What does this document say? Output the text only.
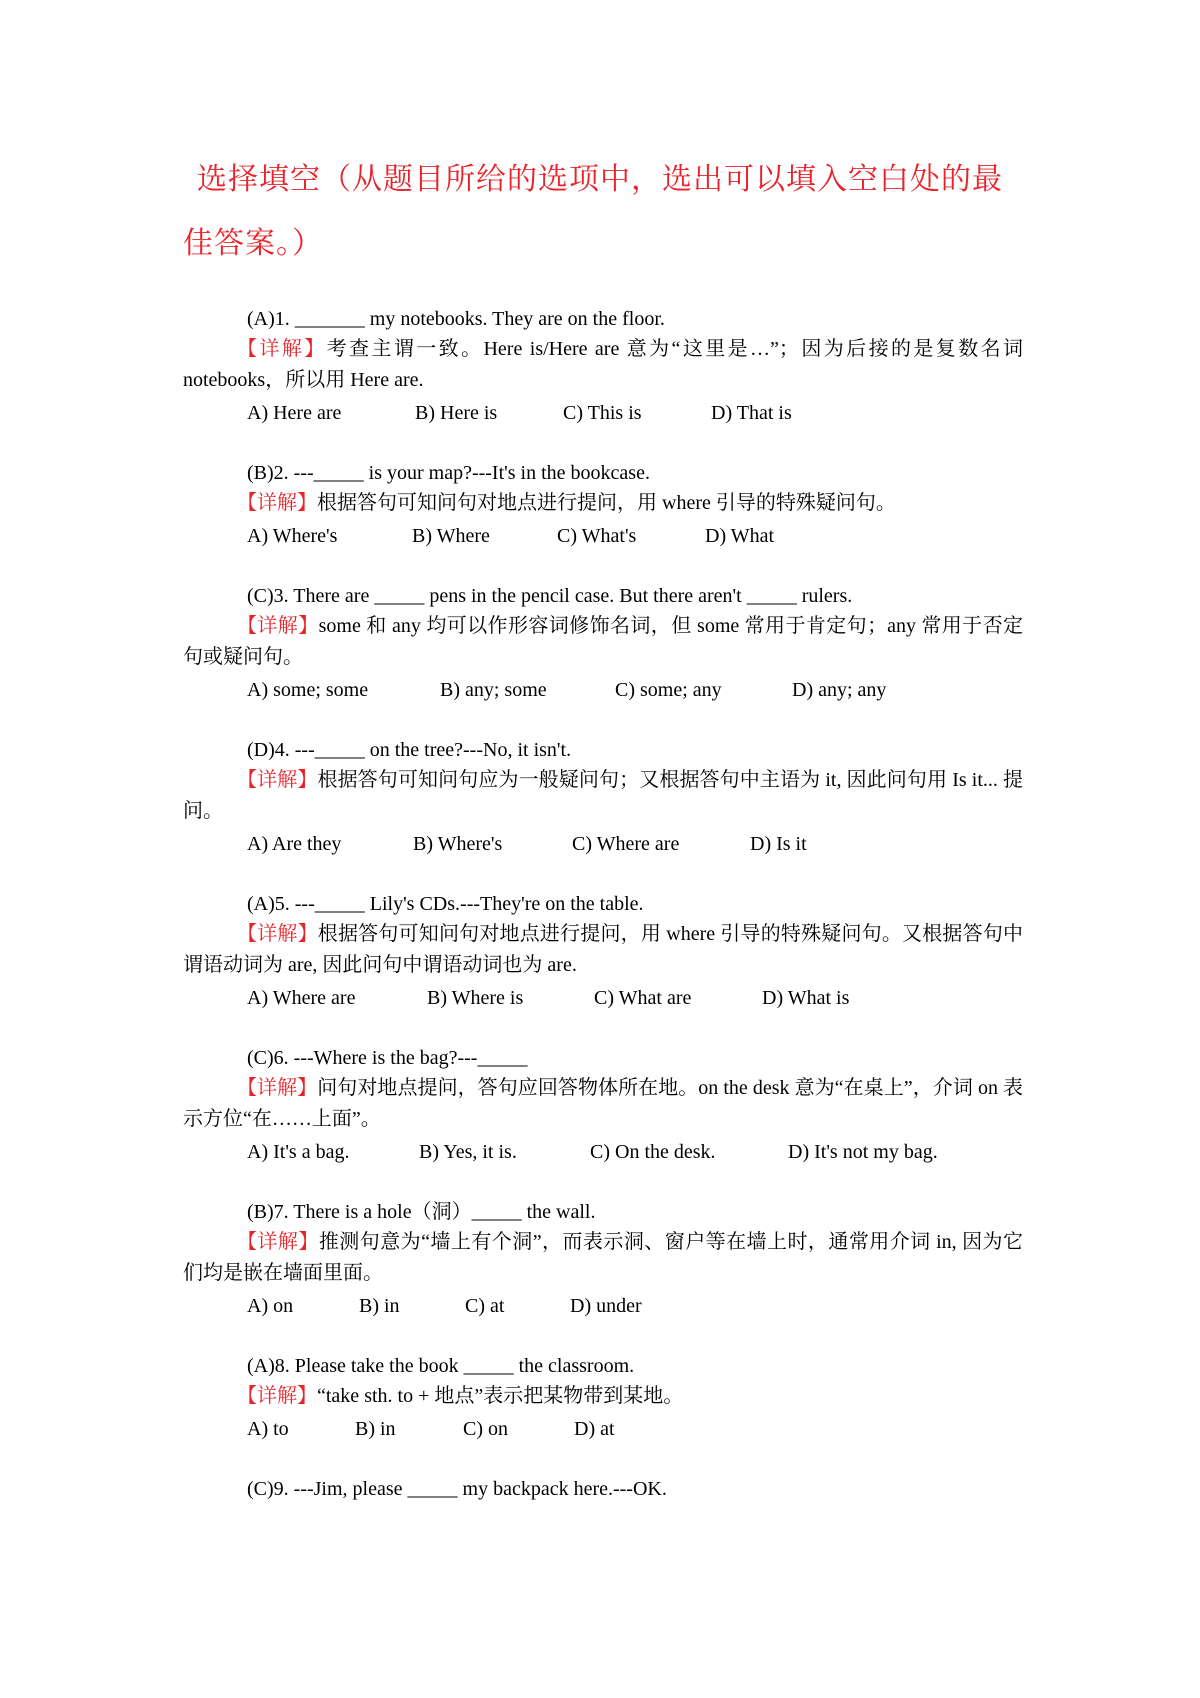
选择填空（从题目所给的选项中，选出可以填入空白处的最佳答案。）
(A)1. _______ my notebooks. They are on the floor.
【详解】考查主谓一致。Here is/Here are 意为“这里是…”；因为后接的是复数名词notebooks，所以用 Here are.
A) Here are	B) Here is	C) This is	D) That is
(B)2. ---_____ is your map?---It's in the bookcase.
【详解】根据答句可知问句对地点进行提问，用 where 引导的特殊疑问句。
A) Where's	B) Where	C) What's	D) What
(C)3. There are _____ pens in the pencil case. But there aren't _____ rulers.
【详解】some 和 any 均可以作形容词修饰名词，但 some 常用于肯定句；any 常用于否定句或疑问句。
A) some; some	B) any; some	C) some; any	D) any; any
(D)4. ---_____ on the tree?---No, it isn't.
【详解】根据答句可知问句应为一般疑问句；又根据答句中主语为 it, 因此问句用 Is it... 提问。
A) Are they	B) Where's	C) Where are	D) Is it
(A)5. ---_____ Lily's CDs.---They're on the table.
【详解】根据答句可知问句对地点进行提问，用 where 引导的特殊疑问句。又根据答句中谓语动词为 are, 因此问句中谓语动词也为 are.
A) Where are	B) Where is	C) What are	D) What is
(C)6. ---Where is the bag?---_____
【详解】问句对地点提问，答句应回答物体所在地。on the desk 意为“在桌上”，介词 on 表示方位“在……上面”。
A) It's a bag.	B) Yes, it is.	C) On the desk.	D) It's not my bag.
(B)7. There is a hole（洞）_____ the wall.
【详解】推测句意为“墙上有个洞”，而表示洞、窗户等在墙上时，通常用介词 in, 因为它们均是嵌在墙面里面。
A) on	B) in	C) at	D) under
(A)8. Please take the book _____ the classroom.
【详解】“take sth. to + 地点”表示把某物带到某地。
A) to	B) in	C) on	D) at
(C)9. ---Jim, please _____ my backpack here.---OK.
